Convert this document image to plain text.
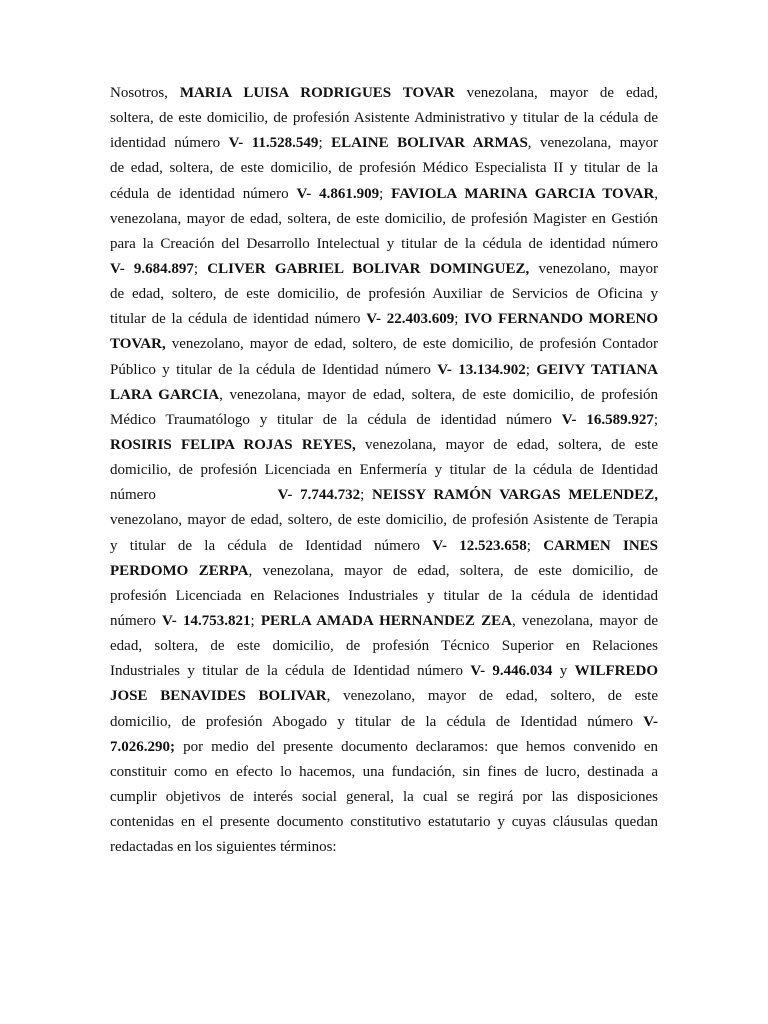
Nosotros, MARIA LUISA RODRIGUES TOVAR venezolana, mayor de edad,
soltera, de este domicilio, de profesión Asistente Administrativo y titular de la cédula de
identidad número V- 11.528.549; ELAINE BOLIVAR ARMAS, venezolana, mayor
de edad, soltera, de este domicilio, de profesión Médico Especialista II y titular de la
cédula de identidad número V- 4.861.909; FAVIOLA MARINA GARCIA TOVAR,
venezolana, mayor de edad, soltera, de este domicilio, de profesión Magister en Gestión
para la Creación del Desarrollo Intelectual y titular de la cédula de identidad número
V- 9.684.897; CLIVER GABRIEL BOLIVAR DOMINGUEZ, venezolano, mayor
de edad, soltero, de este domicilio, de profesión Auxiliar de Servicios de Oficina y
titular de la cédula de identidad número V- 22.403.609; IVO FERNANDO MORENO
TOVAR, venezolano, mayor de edad, soltero, de este domicilio, de profesión Contador
Público y titular de la cédula de Identidad número V- 13.134.902; GEIVY TATIANA
LARA GARCIA, venezolana, mayor de edad, soltera, de este domicilio, de profesión
Médico Traumatólogo y titular de la cédula de identidad número V- 16.589.927;
ROSIRIS FELIPA ROJAS REYES, venezolana, mayor de edad, soltera, de este
domicilio, de profesión Licenciada en Enfermería y titular de la cédula de Identidad
número	V- 7.744.732; NEISSY RAMÓN VARGAS MELENDEZ,
venezolano, mayor de edad, soltero, de este domicilio, de profesión Asistente de Terapia
y titular de la cédula de Identidad número V- 12.523.658; CARMEN INES
PERDOMO ZERPA, venezolana, mayor de edad, soltera, de este domicilio, de
profesión Licenciada en Relaciones Industriales y titular de la cédula de identidad
número V- 14.753.821; PERLA AMADA HERNANDEZ ZEA, venezolana, mayor de
edad, soltera, de este domicilio, de profesión Técnico Superior en Relaciones
Industriales y titular de la cédula de Identidad número V- 9.446.034 y WILFREDO
JOSE BENAVIDES BOLIVAR, venezolano, mayor de edad, soltero, de este
domicilio, de profesión Abogado y titular de la cédula de Identidad número V-
7.026.290; por medio del presente documento declaramos: que hemos convenido en
constituir como en efecto lo hacemos, una fundación, sin fines de lucro, destinada a
cumplir objetivos de interés social general, la cual se regirá por las disposiciones
contenidas en el presente documento constitutivo estatutario y cuyas cláusulas quedan
redactadas en los siguientes términos:
